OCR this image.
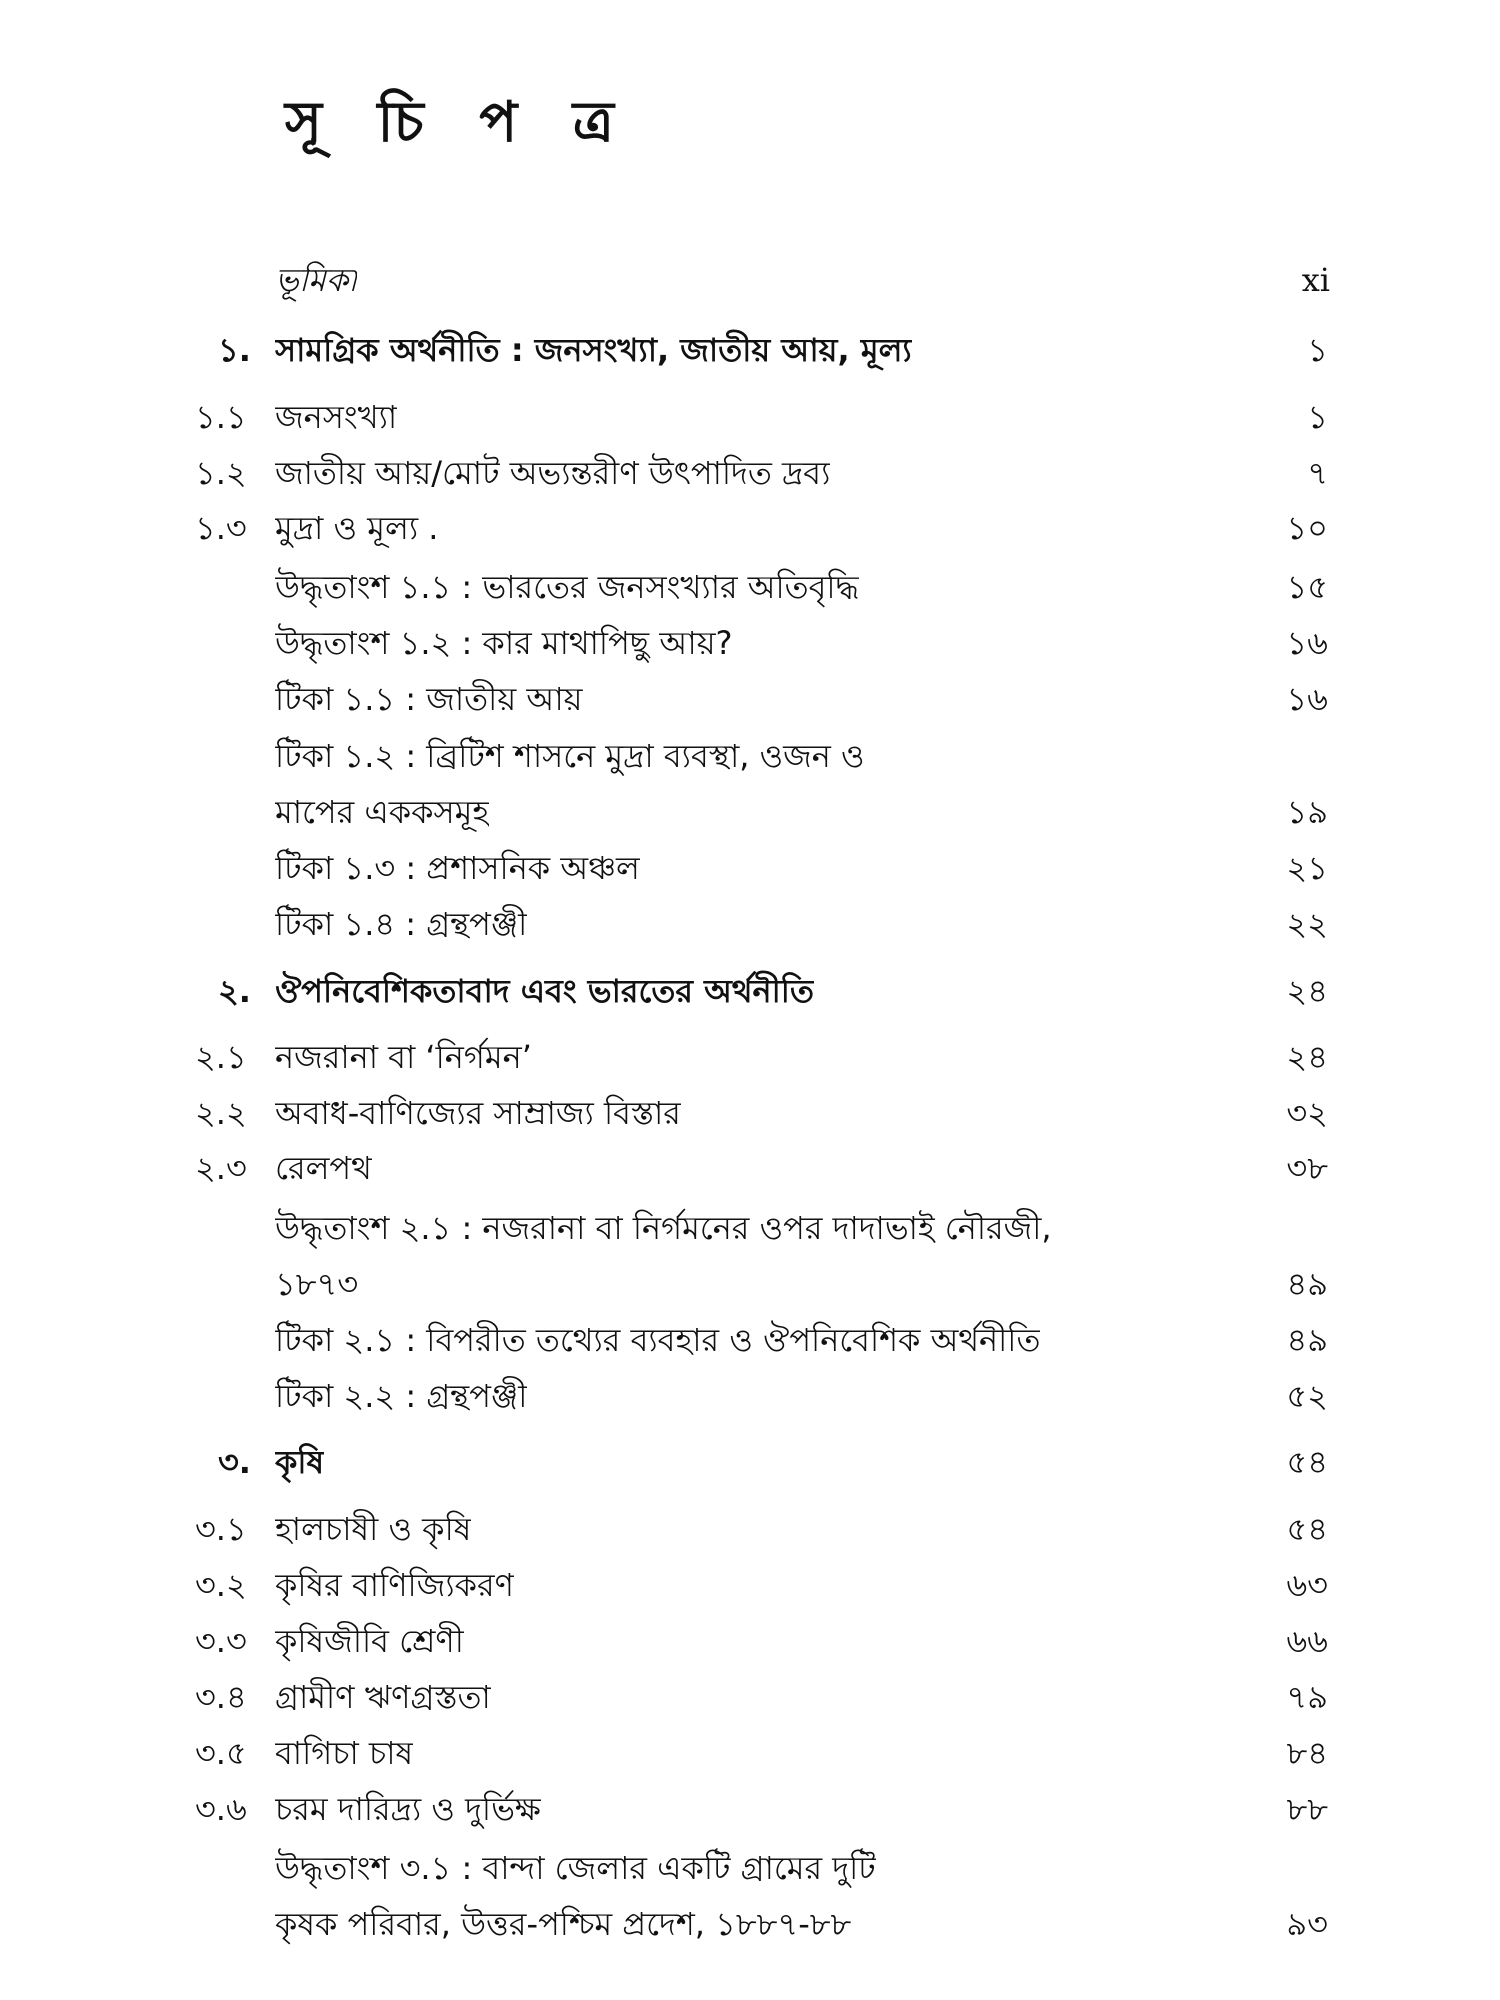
সূ চি প ত্র
ভূমিকা	xi
১. সামগ্রিক অর্থনীতি : জনসংখ্যা, জাতীয় আয়, মূল্য	১
১.১ জনসংখ্যা	১
১.২ জাতীয় আয়/মোট অভ্যন্তরীণ উৎপাদিত দ্রব্য	৭
১.৩ মুদ্রা ও মূল্য .	১০
উদ্ধৃতাংশ ১.১ : ভারতের জনসংখ্যার অতিবৃদ্ধি	১৫
উদ্ধৃতাংশ ১.২ : কার মাথাপিছু আয়?	১৬
টিকা ১.১ : জাতীয় আয়	১৬
টিকা ১.২ : ব্রিটিশ শাসনে মুদ্রা ব্যবস্থা, ওজন ও
মাপের এককসমূহ	১৯
টিকা ১.৩ : প্রশাসনিক অঞ্চল	২১
টিকা ১.৪ : গ্রন্থপঞ্জী	২২
২. ঔপনিবেশিকতাবাদ এবং ভারতের অর্থনীতি	২৪
২.১ নজরানা বা ‘নির্গমন’	২৪
২.২ অবাধ-বাণিজ্যের সাম্রাজ্য বিস্তার	৩২
২.৩ রেলপথ	৩৮
উদ্ধৃতাংশ ২.১ : নজরানা বা নির্গমনের ওপর দাদাভাই নৌরজী,
১৮৭৩	৪৯
টিকা ২.১ : বিপরীত তথ্যের ব্যবহার ও ঔপনিবেশিক অর্থনীতি	৪৯
টিকা ২.২ : গ্রন্থপঞ্জী	৫২
৩. কৃষি	৫৪
৩.১ হালচাষী ও কৃষি	৫৪
৩.২ কৃষির বাণিজ্যিকরণ	৬৩
৩.৩ কৃষিজীবি শ্রেণী	৬৬
৩.৪ গ্রামীণ ঋণগ্রস্ততা	৭৯
৩.৫ বাগিচা চাষ	৮৪
৩.৬ চরম দারিদ্র্য ও দুর্ভিক্ষ	৮৮
উদ্ধৃতাংশ ৩.১ : বান্দা জেলার একটি গ্রামের দুটি
কৃষক পরিবার, উত্তর-পশ্চিম প্রদেশ, ১৮৮৭-৮৮	৯৩
